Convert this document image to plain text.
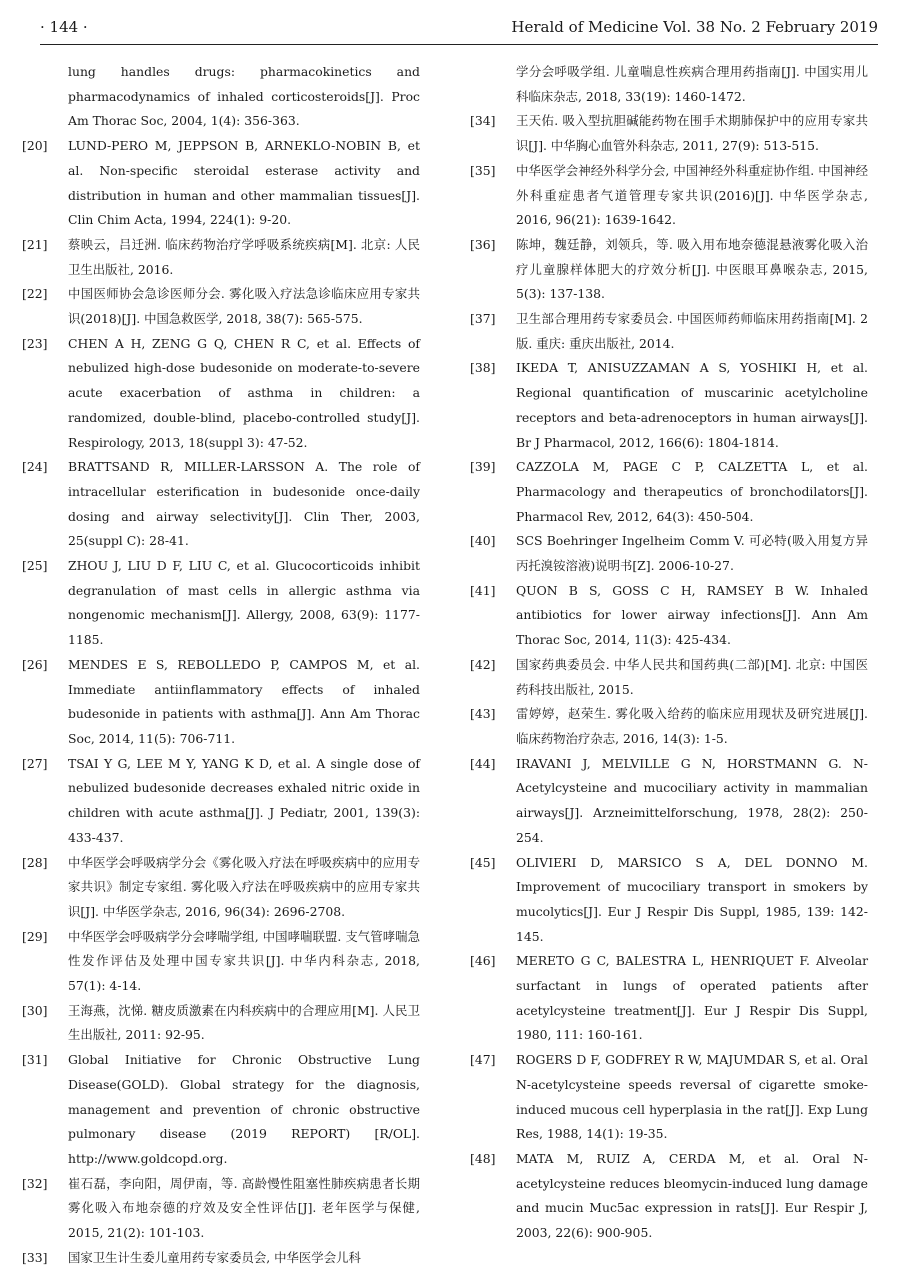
· 144 ·	Herald of Medicine Vol. 38 No. 2 February 2019
lung handles drugs: pharmacokinetics and pharmacodynamics of inhaled corticosteroids[J]. Proc Am Thorac Soc, 2004, 1(4): 356-363.
[20]	LUND-PERO M, JEPPSON B, ARNEKLO-NOBIN B, et al. Non-specific steroidal esterase activity and distribution in human and other mammalian tissues[J]. Clin Chim Acta, 1994, 224(1): 9-20.
[21]	蔡映云，吕迁洲. 临床药物治疗学呼吸系统疾病[M]. 北京: 人民卫生出版社, 2016.
[22]	中国医师协会急诊医师分会. 雾化吸入疗法急诊临床应用专家共识(2018)[J]. 中国急救医学, 2018, 38(7): 565-575.
[23]	CHEN A H, ZENG G Q, CHEN R C, et al. Effects of nebulized high-dose budesonide on moderate-to-severe acute exacerbation of asthma in children: a randomized, double-blind, placebo-controlled study[J]. Respirology, 2013, 18(suppl 3): 47-52.
[24]	BRATTSAND R, MILLER-LARSSON A. The role of intracellular esterification in budesonide once-daily dosing and airway selectivity[J]. Clin Ther, 2003, 25(suppl C): 28-41.
[25]	ZHOU J, LIU D F, LIU C, et al. Glucocorticoids inhibit degranulation of mast cells in allergic asthma via nongenomic mechanism[J]. Allergy, 2008, 63(9): 1177-1185.
[26]	MENDES E S, REBOLLEDO P, CAMPOS M, et al. Immediate antiinflammatory effects of inhaled budesonide in patients with asthma[J]. Ann Am Thorac Soc, 2014, 11(5): 706-711.
[27]	TSAI Y G, LEE M Y, YANG K D, et al. A single dose of nebulized budesonide decreases exhaled nitric oxide in children with acute asthma[J]. J Pediatr, 2001, 139(3): 433-437.
[28]	中华医学会呼吸病学分会《雾化吸入疗法在呼吸疾病中的应用专家共识》制定专家组. 雾化吸入疗法在呼吸疾病中的应用专家共识[J]. 中华医学杂志, 2016, 96(34): 2696-2708.
[29]	中华医学会呼吸病学分会哮喘学组, 中国哮喘联盟. 支气管哮喘急性发作评估及处理中国专家共识[J]. 中华内科杂志, 2018, 57(1): 4-14.
[30]	王海燕，沈悌. 糖皮质激素在内科疾病中的合理应用[M]. 人民卫生出版社, 2011: 92-95.
[31]	Global Initiative for Chronic Obstructive Lung Disease(GOLD). Global strategy for the diagnosis, management and prevention of chronic obstructive pulmonary disease (2019 REPORT) [R/OL]. http://www.goldcopd.org.
[32]	崔石磊，李向阳，周伊南，等. 高龄慢性阻塞性肺疾病患者长期雾化吸入布地奈德的疗效及安全性评估[J]. 老年医学与保健, 2015, 21(2): 101-103.
[33]	国家卫生计生委儿童用药专家委员会, 中华医学会儿科
学分会呼吸学组. 儿童喘息性疾病合理用药指南[J]. 中国实用儿科临床杂志, 2018, 33(19): 1460-1472.
[34]	王天佑. 吸入型抗胆碱能药物在围手术期肺保护中的应用专家共识[J]. 中华胸心血管外科杂志, 2011, 27(9): 513-515.
[35]	中华医学会神经外科学分会, 中国神经外科重症协作组. 中国神经外科重症患者气道管理专家共识(2016)[J]. 中华医学杂志, 2016, 96(21): 1639-1642.
[36]	陈坤，魏廷静，刘领兵，等. 吸入用布地奈德混悬液雾化吸入治疗儿童腺样体肥大的疗效分析[J]. 中医眼耳鼻喉杂志, 2015, 5(3): 137-138.
[37]	卫生部合理用药专家委员会. 中国医师药师临床用药指南[M]. 2版. 重庆: 重庆出版社, 2014.
[38]	IKEDA T, ANISUZZAMAN A S, YOSHIKI H, et al. Regional quantification of muscarinic acetylcholine receptors and beta-adrenoceptors in human airways[J]. Br J Pharmacol, 2012, 166(6): 1804-1814.
[39]	CAZZOLA M, PAGE C P, CALZETTA L, et al. Pharmacology and therapeutics of bronchodilators[J]. Pharmacol Rev, 2012, 64(3): 450-504.
[40]	SCS Boehringer Ingelheim Comm V. 可必特(吸入用复方异丙托溴铵溶液)说明书[Z]. 2006-10-27.
[41]	QUON B S, GOSS C H, RAMSEY B W. Inhaled antibiotics for lower airway infections[J]. Ann Am Thorac Soc, 2014, 11(3): 425-434.
[42]	国家药典委员会. 中华人民共和国药典(二部)[M]. 北京: 中国医药科技出版社, 2015.
[43]	雷婷婷，赵荣生. 雾化吸入给药的临床应用现状及研究进展[J]. 临床药物治疗杂志, 2016, 14(3): 1-5.
[44]	IRAVANI J, MELVILLE G N, HORSTMANN G. N-Acetylcysteine and mucociliary activity in mammalian airways[J]. Arzneimittelforschung, 1978, 28(2): 250-254.
[45]	OLIVIERI D, MARSICO S A, DEL DONNO M. Improvement of mucociliary transport in smokers by mucolytics[J]. Eur J Respir Dis Suppl, 1985, 139: 142-145.
[46]	MERETO G C, BALESTRA L, HENRIQUET F. Alveolar surfactant in lungs of operated patients after acetylcysteine treatment[J]. Eur J Respir Dis Suppl, 1980, 111: 160-161.
[47]	ROGERS D F, GODFREY R W, MAJUMDAR S, et al. Oral N-acetylcysteine speeds reversal of cigarette smoke-induced mucous cell hyperplasia in the rat[J]. Exp Lung Res, 1988, 14(1): 19-35.
[48]	MATA M, RUIZ A, CERDA M, et al. Oral N-acetylcysteine reduces bleomycin-induced lung damage and mucin Muc5ac expression in rats[J]. Eur Respir J, 2003, 22(6): 900-905.
